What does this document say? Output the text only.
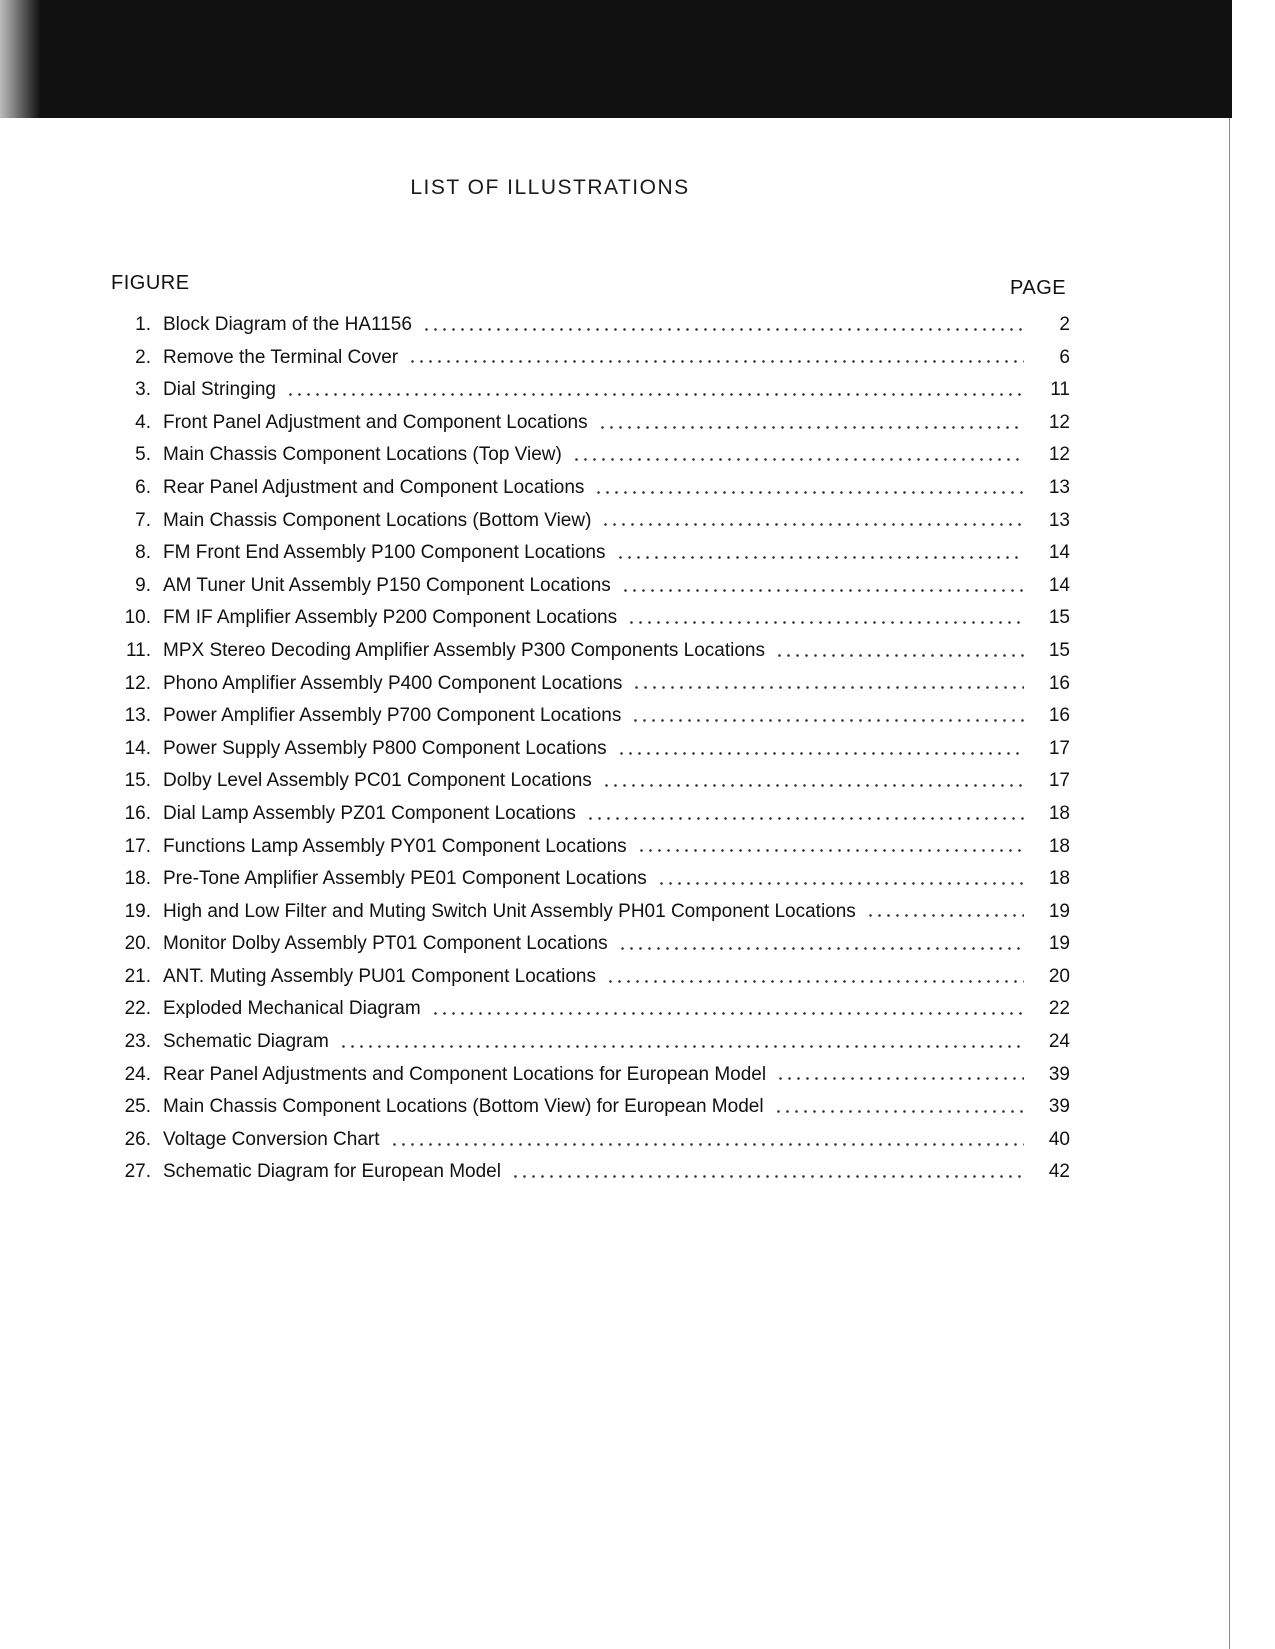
LIST OF ILLUSTRATIONS
FIGURE	PAGE
1. Block Diagram of the HA1156	2
2. Remove the Terminal Cover	6
3. Dial Stringing	11
4. Front Panel Adjustment and Component Locations	12
5. Main Chassis Component Locations (Top View)	12
6. Rear Panel Adjustment and Component Locations	13
7. Main Chassis Component Locations (Bottom View)	13
8. FM Front End Assembly P100 Component Locations	14
9. AM Tuner Unit Assembly P150 Component Locations	14
10. FM IF Amplifier Assembly P200 Component Locations	15
11. MPX Stereo Decoding Amplifier Assembly P300 Components Locations	15
12. Phono Amplifier Assembly P400 Component Locations	16
13. Power Amplifier Assembly P700 Component Locations	16
14. Power Supply Assembly P800 Component Locations	17
15. Dolby Level Assembly PC01 Component Locations	17
16. Dial Lamp Assembly PZ01 Component Locations	18
17. Functions Lamp Assembly PY01 Component Locations	18
18. Pre-Tone Amplifier Assembly PE01 Component Locations	18
19. High and Low Filter and Muting Switch Unit Assembly PH01 Component Locations	19
20. Monitor Dolby Assembly PT01 Component Locations	19
21. ANT. Muting Assembly PU01 Component Locations	20
22. Exploded Mechanical Diagram	22
23. Schematic Diagram	24
24. Rear Panel Adjustments and Component Locations for European Model	39
25. Main Chassis Component Locations (Bottom View) for European Model	39
26. Voltage Conversion Chart	40
27. Schematic Diagram for European Model	42
